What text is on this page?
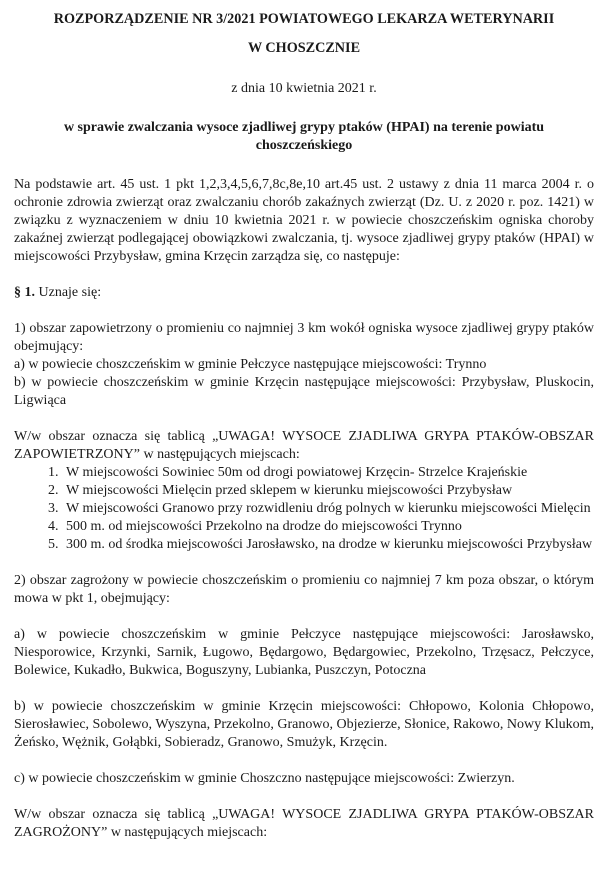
ROZPORZĄDZENIE NR 3/2021 POWIATOWEGO LEKARZA WETERYNARII
W CHOSZCZNIE
z dnia 10 kwietnia 2021 r.
w sprawie zwalczania wysoce zjadliwej grypy ptaków (HPAI) na terenie powiatu choszczeńskiego

Na podstawie art. 45 ust. 1 pkt 1,2,3,4,5,6,7,8c,8e,10 art.45 ust. 2 ustawy z dnia 11 marca 2004 r. o ochronie zdrowia zwierząt oraz zwalczaniu chorób zakaźnych zwierząt (Dz. U. z 2020 r. poz. 1421) w związku z wyznaczeniem w dniu 10 kwietnia 2021 r. w powiecie choszczeńskim ogniska choroby zakaźnej zwierząt podlegającej obowiązkowi zwalczania, tj. wysoce zjadliwej grypy ptaków (HPAI) w miejscowości Przybysław, gmina Krzęcin zarządza się, co następuje:

§ 1. Uznaje się:

1) obszar zapowietrzony o promieniu co najmniej 3 km wokół ogniska wysoce zjadliwej grypy ptaków obejmujący:

a) w powiecie choszczeńskim w gminie Pełczyce następujące miejscowości: Trynno

b) w powiecie choszczeńskim w gminie Krzęcin następujące miejscowości: Przybysław, Pluskocin, Ligwiąca

W/w obszar oznacza się tablicą „UWAGA! WYSOCE ZJADLIWA GRYPA PTAKÓW-OBSZAR ZAPOWIETRZONY” w następujących miejscach:

1. W miejscowości Sowiniec 50m od drogi powiatowej Krzęcin- Strzelce Krajeńskie
2. W miejscowości Mielęcin przed sklepem w kierunku miejscowości Przybysław
3. W miejscowości Granowo przy rozwidleniu dróg polnych w kierunku miejscowości Mielęcin
4. 500 m. od miejscowości Przekolno na drodze do miejscowości Trynno
5. 300 m. od środka miejscowości Jarosławsko, na drodze w kierunku miejscowości Przybysław

2) obszar zagrożony w powiecie choszczeńskim o promieniu co najmniej 7 km poza obszar, o którym mowa w pkt 1, obejmujący:

a) w powiecie choszczeńskim w gminie Pełczyce następujące miejscowości: Jarosławsko, Niesporowice, Krzynki, Sarnik, Ługowo, Będargowo, Będargowiec, Przekolno, Trzęsacz, Pełczyce, Bolewice, Kukadło, Bukwica, Boguszyny, Lubianka, Puszczyn, Potoczna

b) w powiecie choszczeńskim w gminie Krzęcin miejscowości: Chłopowo, Kolonia Chłopowo, Sierosławiec, Sobolewo, Wyszyna, Przekolno, Granowo, Objezierze, Słonice, Rakowo, Nowy Klukom, Żeńsko, Wężnik, Gołąbki, Sobieradz, Granowo, Smużyk, Krzęcin.

c) w powiecie choszczeńskim w gminie Choszczno następujące miejscowości: Zwierzyn.

W/w obszar oznacza się tablicą „UWAGA! WYSOCE ZJADLIWA GRYPA PTAKÓW-OBSZAR ZAGROŻONY” w następujących miejscach:
